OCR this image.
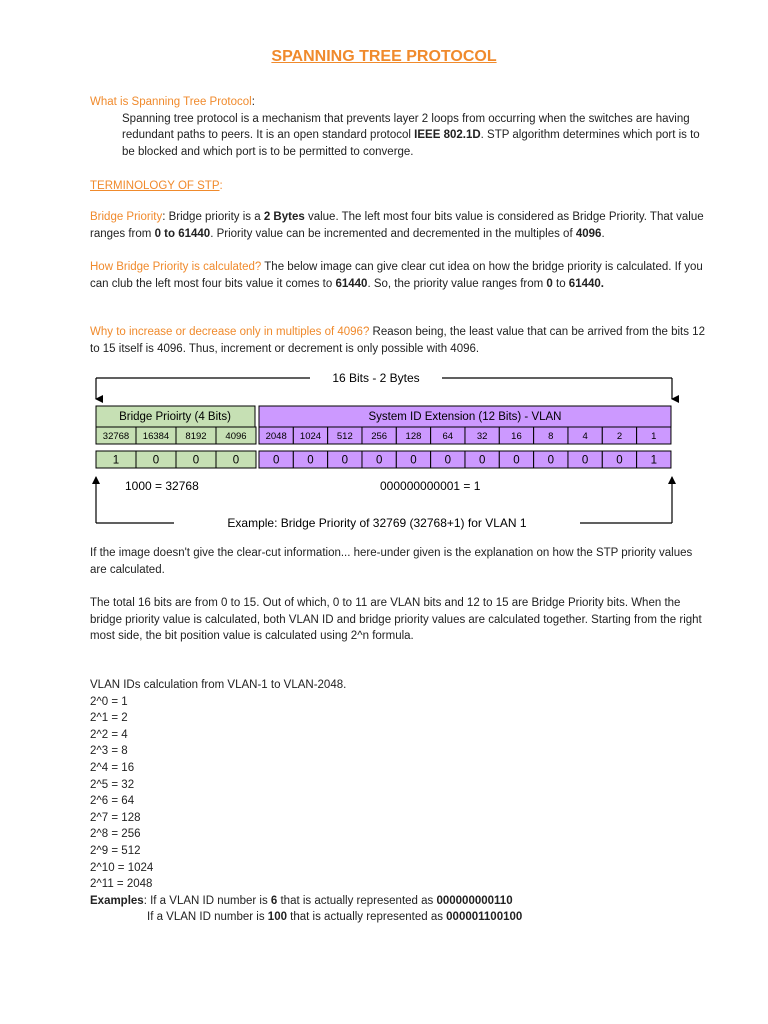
SPANNING TREE PROTOCOL
What is Spanning Tree Protocol:
Spanning tree protocol is a mechanism that prevents layer 2 loops from occurring when the switches are having redundant paths to peers. It is an open standard protocol IEEE 802.1D. STP algorithm determines which port is to be blocked and which port is to be permitted to converge.
TERMINOLOGY OF STP:
Bridge Priority: Bridge priority is a 2 Bytes value. The left most four bits value is considered as Bridge Priority. That value ranges from 0 to 61440. Priority value can be incremented and decremented in the multiples of 4096.
How Bridge Priority is calculated? The below image can give clear cut idea on how the bridge priority is calculated. If you can club the left most four bits value it comes to 61440. So, the priority value ranges from 0 to 61440.
Why to increase or decrease only in multiples of 4096? Reason being, the least value that can be arrived from the bits 12 to 15 itself is 4096. Thus, increment or decrement is only possible with 4096.
16 Bits - 2 Bytes
Bridge Prioirty (4 Bits)	System ID Extension (12 Bits) - VLAN
32768 16384 8192 4096 2048 1024 512 256 128 64	32	16	8	4	2	1
1	0	0	0	0 0 0 0 0 0 0 0 0 0 0 1
1000 = 32768	000000000001 = 1
Example: Bridge Priority of 32769 (32768+1) for VLAN 1
If the image doesn't give the clear-cut information... here-under given is the explanation on how the STP priority values are calculated.
The total 16 bits are from 0 to 15. Out of which, 0 to 11 are VLAN bits and 12 to 15 are Bridge Priority bits. When the bridge priority value is calculated, both VLAN ID and bridge priority values are calculated together. Starting from the right most side, the bit position value is calculated using 2^n formula.
VLAN IDs calculation from VLAN-1 to VLAN-2048.
2^0 = 1
2^1 = 2
2^2 = 4
2^3 = 8
2^4 = 16
2^5 = 32
2^6 = 64
2^7 = 128
2^8 = 256
2^9 = 512
2^10 = 1024
2^11 = 2048
Examples: If a VLAN ID number is 6 that is actually represented as 000000000110
If a VLAN ID number is 100 that is actually represented as 000001100100
